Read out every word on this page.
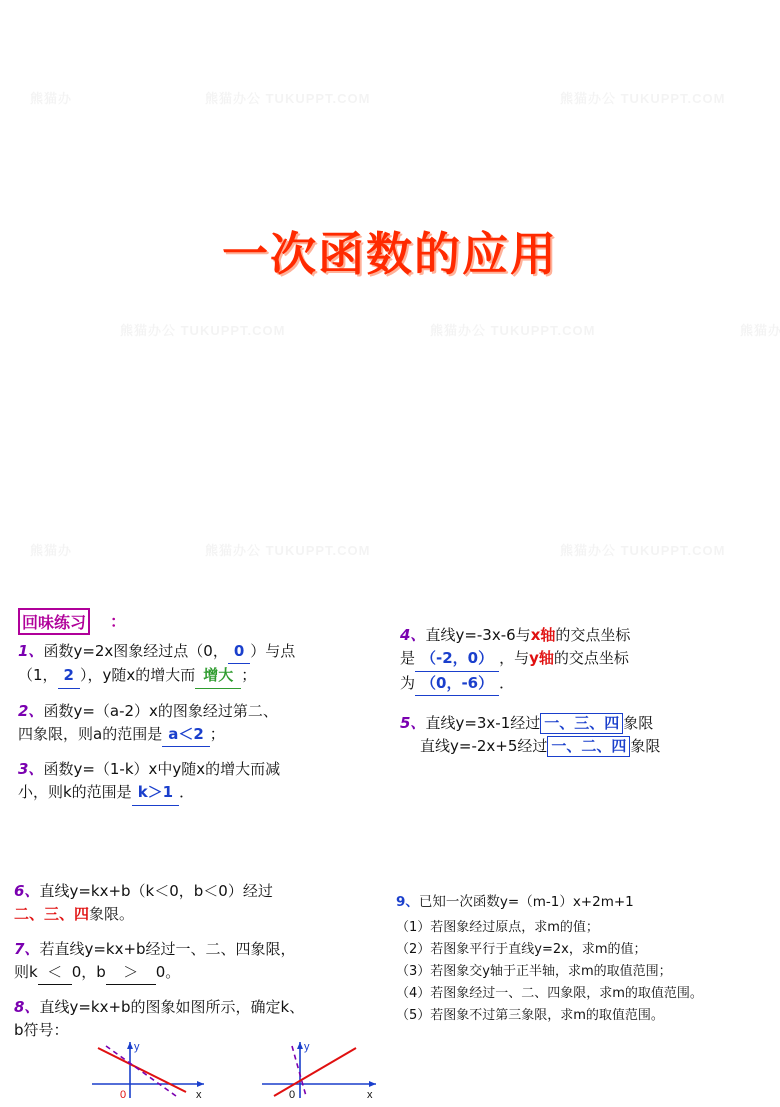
一次函数的应用
回味练习 ：
1、函数y=2x图象经过点（0， 0 ）与点
（1， 2 ），y随x的增大而 增大 ；
2、函数y=（a-2）x的图象经过第二、
四象限，则a的范围是 a＜2 ；
3、函数y=（1-k）x中y随x的增大而减
小，则k的范围是 k＞1 ．
4、直线y=-3x-6与x轴的交点坐标
是 （-2，0） ，与y轴的交点坐标
为 （0，-6） ．
5、直线y=3x-1经过 一、三、四 象限
直线y=-2x+5经过 一、二、四 象限
6、直线y=kx+b（k＜0，b＜0）经过
二、三、四象限。
7、若直线y=kx+b经过一、二、四象限，
则k ＜ 0，b ＞ 0。
8、直线y=kx+b的图象如图所示，确定k、
b符号：
9、已知一次函数y=（m-1）x+2m+1
（1）若图象经过原点，求m的值；
（2）若图象平行于直线y=2x，求m的值；
（3）若图象交y轴于正半轴，求m的取值范围；
（4）若图象经过一、二、四象限，求m的取值范围。
（5）若图象不过第三象限，求m的取值范围。
y
x
0
y
x
0
